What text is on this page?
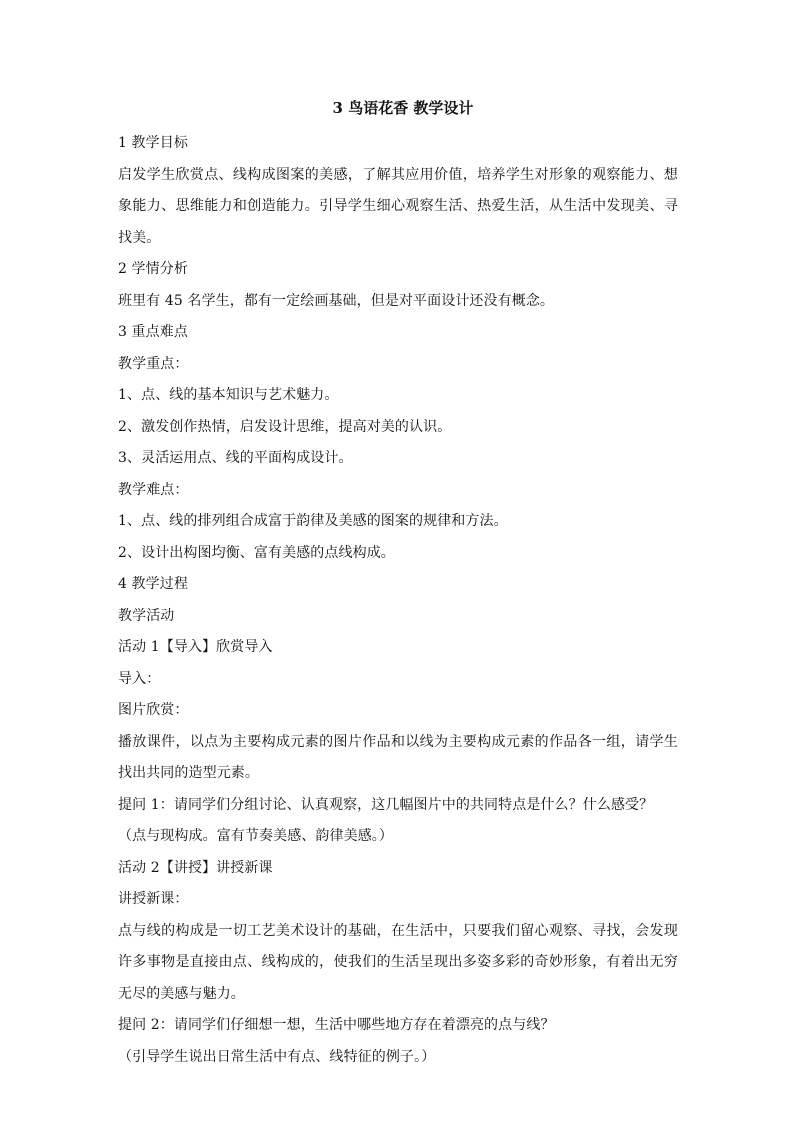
3 鸟语花香 教学设计

1 教学目标

启发学生欣赏点、线构成图案的美感，了解其应用价值，培养学生对形象的观察能力、想象能力、思维能力和创造能力。引导学生细心观察生活、热爱生活，从生活中发现美、寻找美。

2 学情分析

班里有 45 名学生，都有一定绘画基础，但是对平面设计还没有概念。

3 重点难点

教学重点：

1、点、线的基本知识与艺术魅力。

2、激发创作热情，启发设计思维，提高对美的认识。

3、灵活运用点、线的平面构成设计。

教学难点：

1、点、线的排列组合成富于韵律及美感的图案的规律和方法。

2、设计出构图均衡、富有美感的点线构成。

4 教学过程

教学活动

活动 1【导入】欣赏导入

导入：

图片欣赏：

播放课件，以点为主要构成元素的图片作品和以线为主要构成元素的作品各一组，请学生找出共同的造型元素。

提问 1：请同学们分组讨论、认真观察，这几幅图片中的共同特点是什么？什么感受？

（点与现构成。富有节奏美感、韵律美感。）

活动 2【讲授】讲授新课

讲授新课：

点与线的构成是一切工艺美术设计的基础，在生活中，只要我们留心观察、寻找，会发现许多事物是直接由点、线构成的，使我们的生活呈现出多姿多彩的奇妙形象，有着出无穷无尽的美感与魅力。

提问 2：请同学们仔细想一想，生活中哪些地方存在着漂亮的点与线？

（引导学生说出日常生活中有点、线特征的例子。）
